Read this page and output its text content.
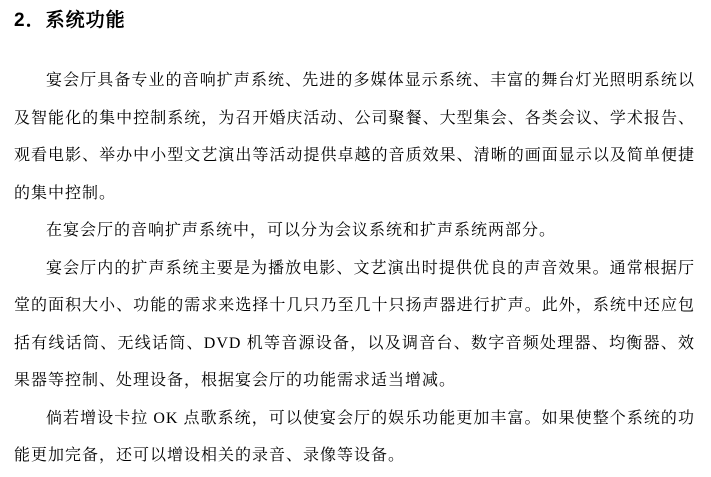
2．系统功能

宴会厅具备专业的音响扩声系统、先进的多媒体显示系统、丰富的舞台灯光照明系统以及智能化的集中控制系统，为召开婚庆活动、公司聚餐、大型集会、各类会议、学术报告、观看电影、举办中小型文艺演出等活动提供卓越的音质效果、清晰的画面显示以及简单便捷的集中控制。

在宴会厅的音响扩声系统中，可以分为会议系统和扩声系统两部分。

宴会厅内的扩声系统主要是为播放电影、文艺演出时提供优良的声音效果。通常根据厅堂的面积大小、功能的需求来选择十几只乃至几十只扬声器进行扩声。此外，系统中还应包括有线话筒、无线话筒、DVD 机等音源设备，以及调音台、数字音频处理器、均衡器、效果器等控制、处理设备，根据宴会厅的功能需求适当增减。

倘若增设卡拉 OK 点歌系统，可以使宴会厅的娱乐功能更加丰富。如果使整个系统的功能更加完备，还可以增设相关的录音、录像等设备。
